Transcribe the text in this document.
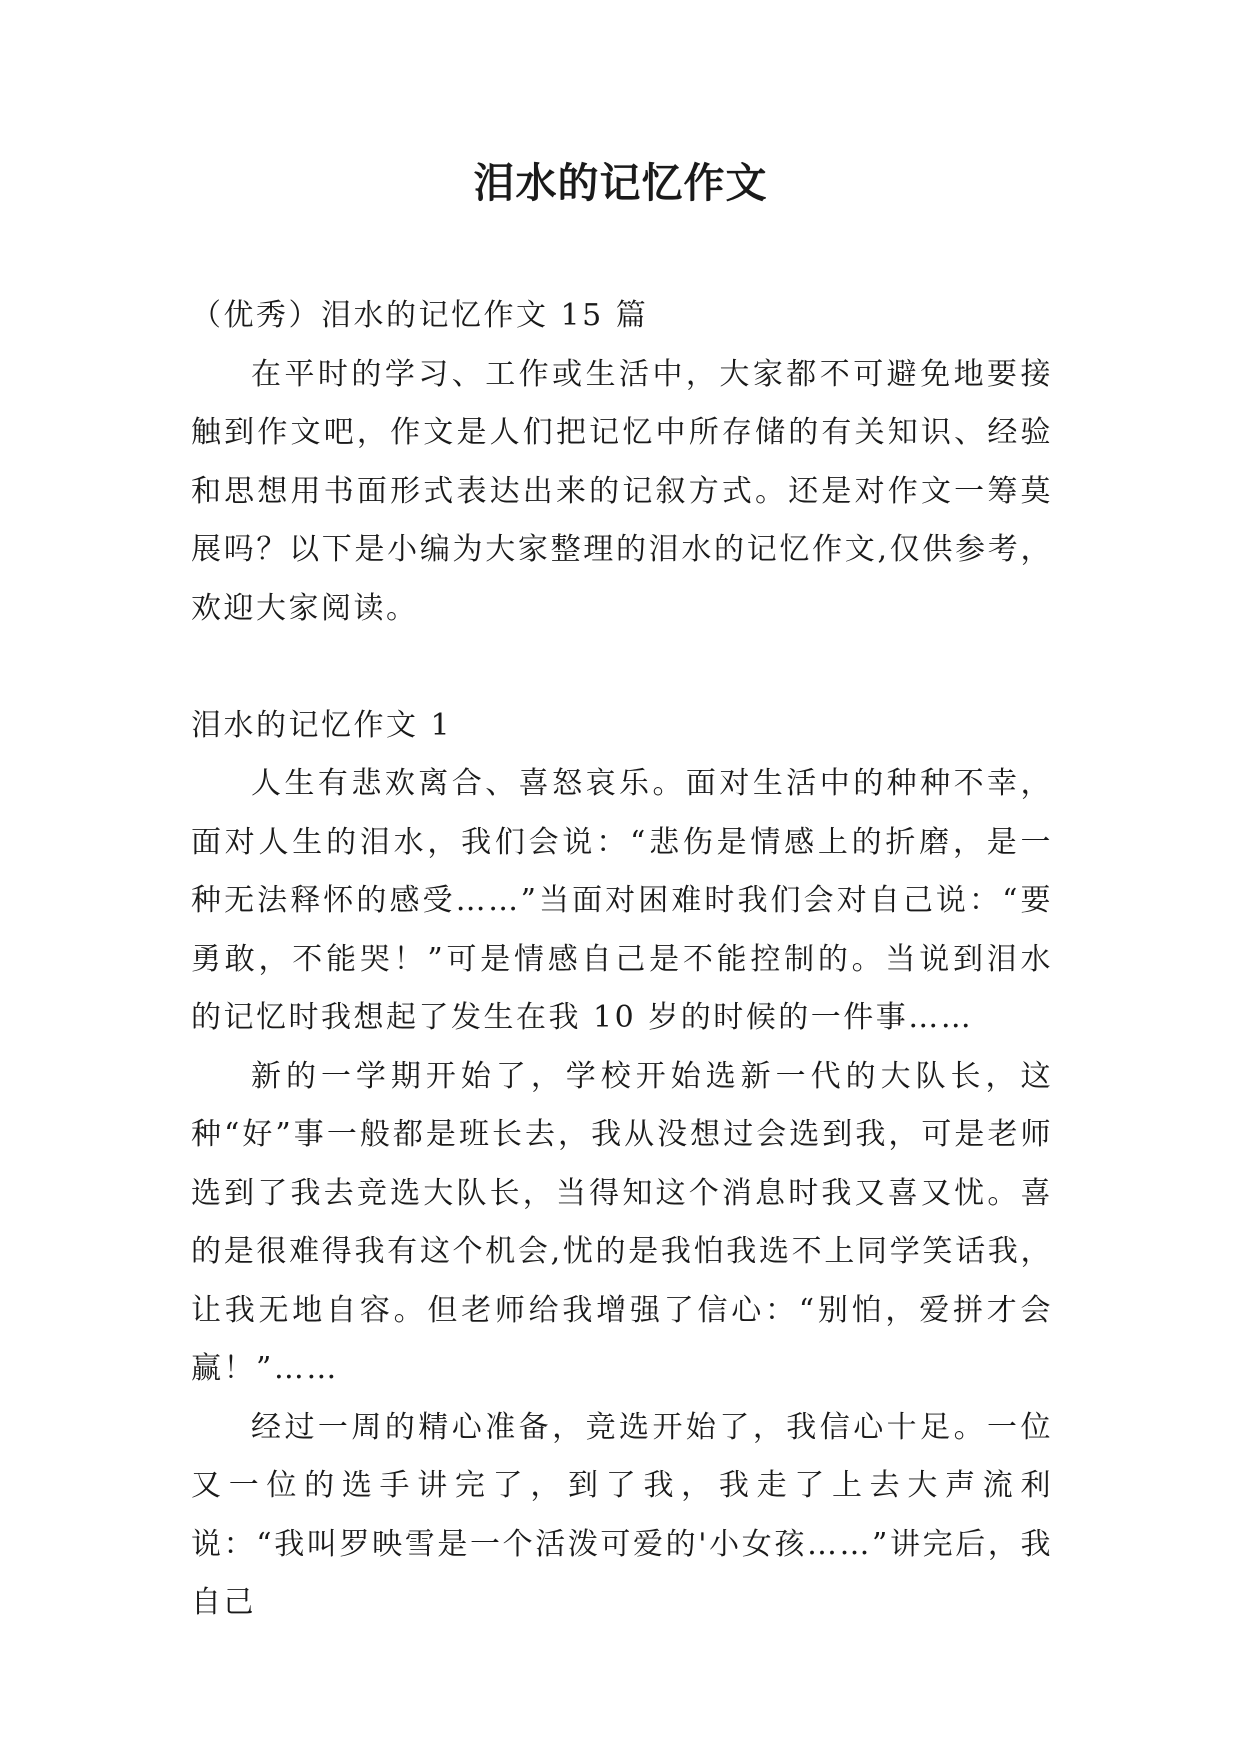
泪水的记忆作文

（优秀）泪水的记忆作文 15 篇

在平时的学习、工作或生活中，大家都不可避免地要接触到作文吧，作文是人们把记忆中所存储的有关知识、经验和思想用书面形式表达出来的记叙方式。还是对作文一筹莫展吗？以下是小编为大家整理的泪水的记忆作文,仅供参考，欢迎大家阅读。

泪水的记忆作文 1

人生有悲欢离合、喜怒哀乐。面对生活中的种种不幸，面对人生的泪水，我们会说：“悲伤是情感上的折磨，是一种无法释怀的感受……”当面对困难时我们会对自己说：“要勇敢，不能哭！”可是情感自己是不能控制的。当说到泪水的记忆时我想起了发生在我 10 岁的时候的一件事……

新的一学期开始了，学校开始选新一代的大队长，这种“好”事一般都是班长去，我从没想过会选到我，可是老师选到了我去竞选大队长，当得知这个消息时我又喜又忧。喜的是很难得我有这个机会,忧的是我怕我选不上同学笑话我，让我无地自容。但老师给我增强了信心：“别怕，爱拼才会赢！”……

经过一周的精心准备，竞选开始了，我信心十足。一位又一位的选手讲完了，到了我，我走了上去大声流利说：“我叫罗映雪是一个活泼可爱的'小女孩……”讲完后，我自己
